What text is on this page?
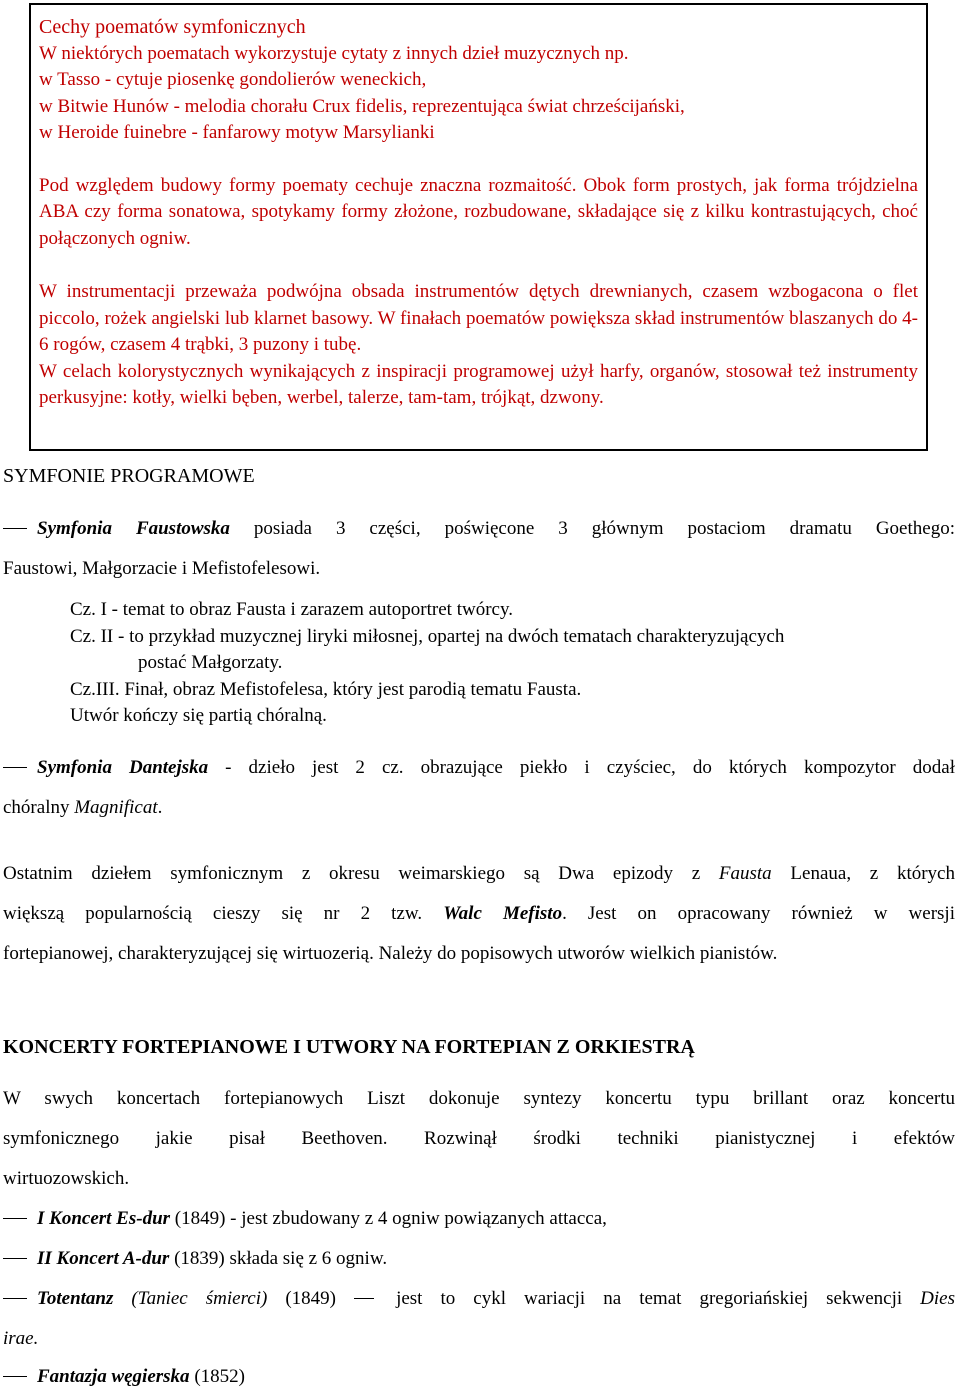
Cechy poematów symfonicznych

W niektórych poematach wykorzystuje cytaty z innych dzieł muzycznych np.

w Tasso - cytuje piosenkę gondolierów weneckich,

w Bitwie Hunów - melodia chorału Crux fidelis, reprezentująca świat chrześcijański,

w Heroide fuinebre - fanfarowy motyw Marsylianki

Pod względem budowy formy poematy cechuje znaczna rozmaitość. Obok form prostych, jak forma trójdzielna ABA czy forma sonatowa, spotykamy formy złożone, rozbudowane, składające się z kilku kontrastujących, choć połączonych ogniw.

W instrumentacji przeważa podwójna obsada instrumentów dętych drewnianych, czasem wzbogacona o flet piccolo, rożek angielski lub klarnet basowy. W finałach poematów powiększa skład instrumentów blaszanych do 4-6 rogów, czasem 4 trąbki, 3 puzony i tubę.

W celach kolorystycznych wynikających z inspiracji programowej użył harfy, organów, stosował też instrumenty perkusyjne: kotły, wielki bęben, werbel, talerze, tam-tam, trójkąt, dzwony.

SYMFONIE PROGRAMOWE
Symfonia Faustowska posiada 3 części, poświęcone 3 głównym postaciom dramatu Goethego:
Faustowi, Małgorzacie i Mefistofelesowi.
Cz. I - temat to obraz Fausta i zarazem autoportret twórcy.
Cz. II - to przykład muzycznej liryki miłosnej, opartej na dwóch tematach charakteryzujących
postać Małgorzaty.
Cz.III. Finał, obraz Mefistofelesa, który jest parodią tematu Fausta.
Utwór kończy się partią chóralną.
Symfonia Dantejska - dzieło jest 2 cz. obrazujące piekło i czyściec, do których kompozytor dodał
chóralny Magnificat.
Ostatnim dziełem symfonicznym z okresu weimarskiego są Dwa epizody z Fausta Lenaua, z których
większą popularnością cieszy się nr 2 tzw. Walc Mefisto. Jest on opracowany również w wersji
fortepianowej, charakteryzującej się wirtuozerią. Należy do popisowych utworów wielkich pianistów.
KONCERTY FORTEPIANOWE I UTWORY NA FORTEPIAN Z ORKIESTRĄ
W swych koncertach fortepianowych Liszt dokonuje syntezy koncertu typu brillant oraz koncertu
symfonicznego jakie pisał Beethoven. Rozwinął środki techniki pianistycznej i efektów
wirtuozowskich.
I Koncert Es-dur (1849) - jest zbudowany z 4 ogniw powiązanych attacca,
II Koncert A-dur (1839) składa się z 6 ogniw.
Totentanz (Taniec śmierci) (1849)  jest to cykl wariacji na temat gregoriańskiej sekwencji Dies
irae.
Fantazja węgierska (1852)
